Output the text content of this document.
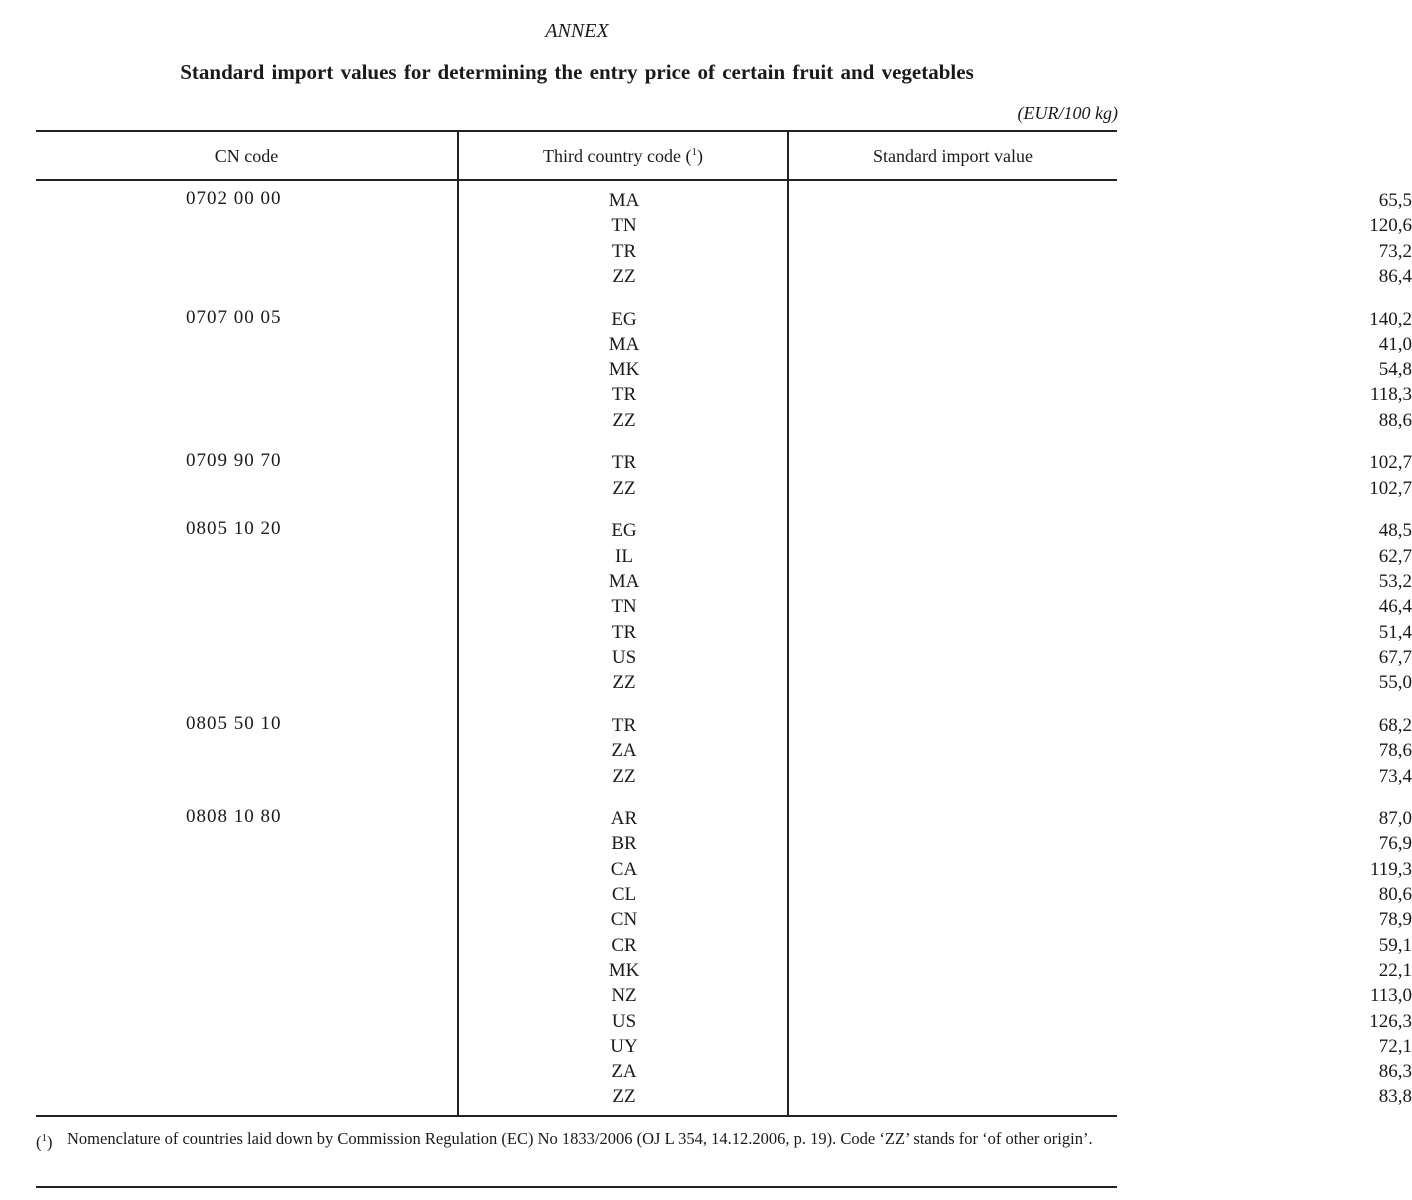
ANNEX
Standard import values for determining the entry price of certain fruit and vegetables
(EUR/100 kg)
CN code	Third country code ($^1$)	Standard import value
0702 00 00	MA	65,5
TN	120,6
TR	73,2
ZZ	86,4
0707 00 05	EG	140,2
MA	41,0
MK	54,8
TR	118,3
ZZ	88,6
0709 90 70	TR	102,7
ZZ	102,7
0805 10 20	EG	48,5
IL	62,7
MA	53,2
TN	46,4
TR	51,4
US	67,7
ZZ	55,0
0805 50 10	TR	68,2
ZA	78,6
ZZ	73,4
0808 10 80	AR	87,0
BR	76,9
CA	119,3
CL	80,6
CN	78,9
CR	59,1
MK	22,1
NZ	113,0
US	126,3
UY	72,1
ZA	86,3
ZZ	83,8
($^1$) Nomenclature of countries laid down by Commission Regulation (EC) No 1833/2006 (OJ L 354, 14.12.2006, p. 19). Code ‘ZZ’ stands for ‘of other origin’.
